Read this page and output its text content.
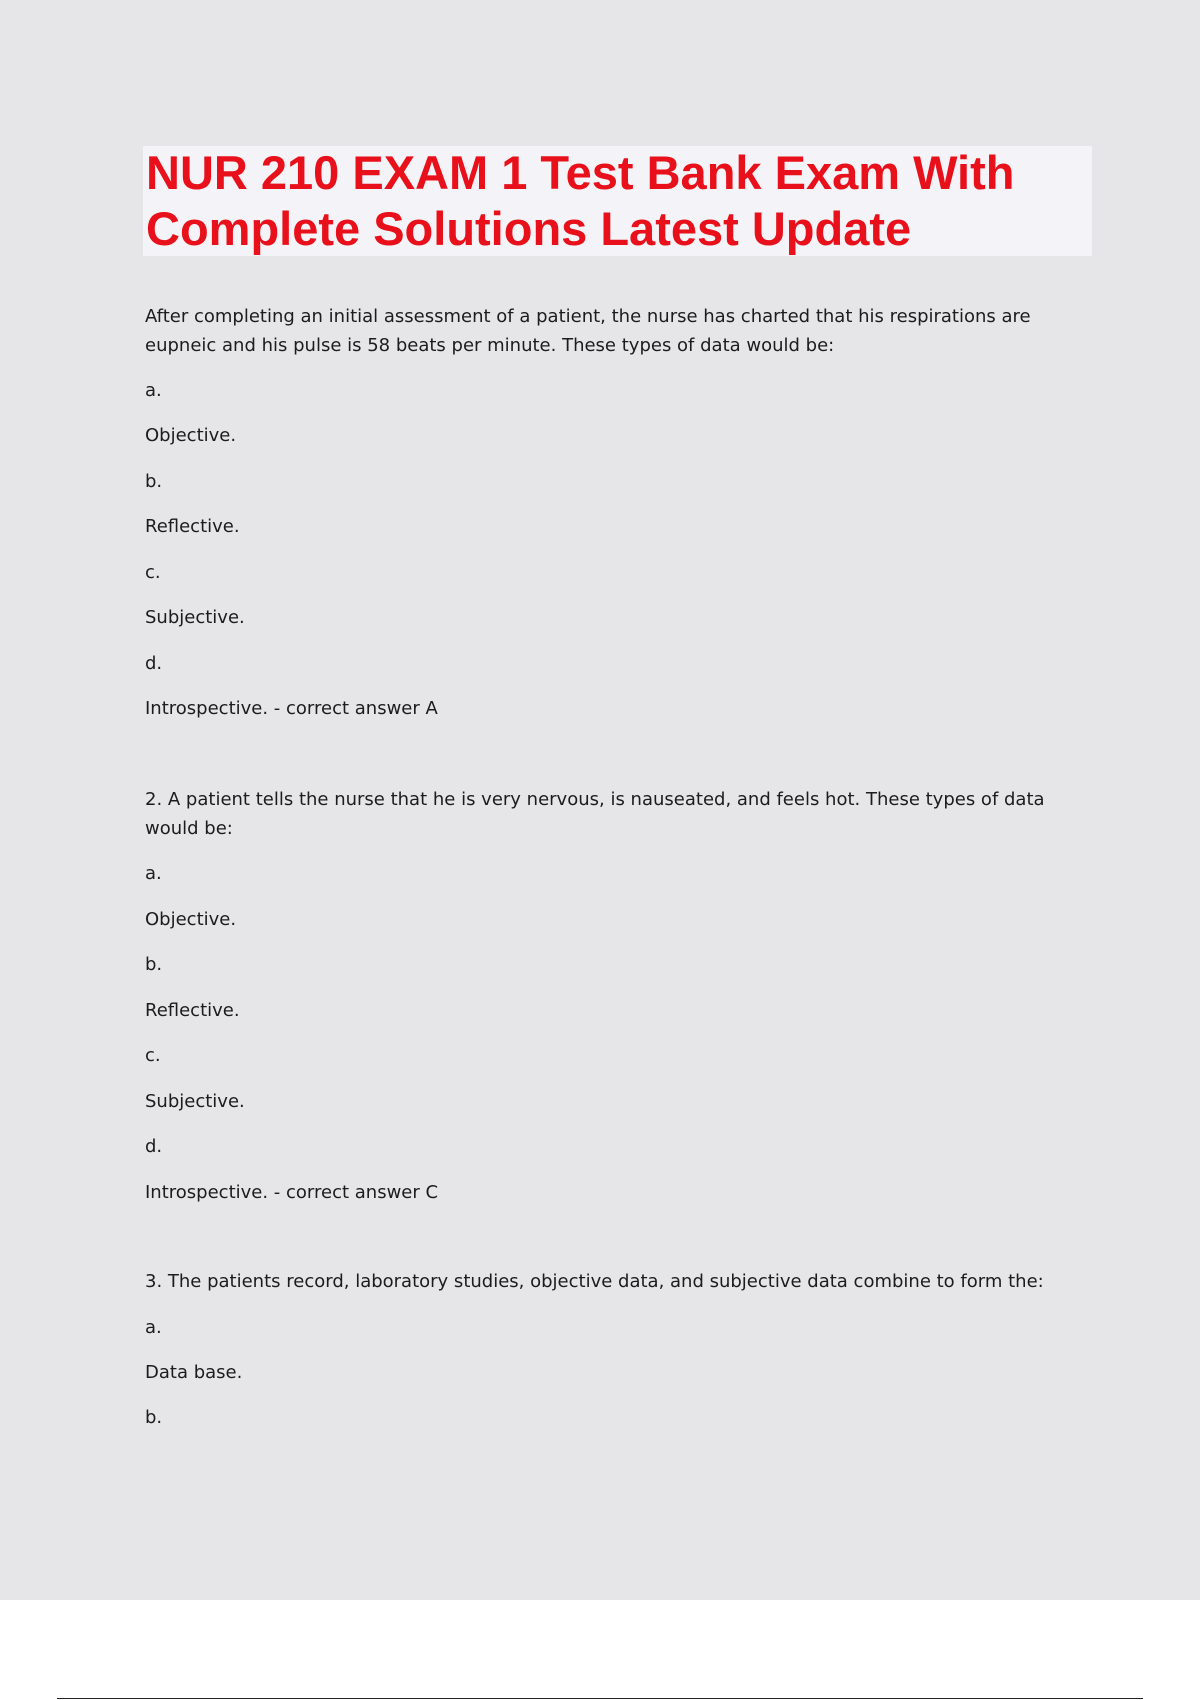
NUR 210 EXAM 1 Test Bank Exam With
Complete Solutions Latest Update
After completing an initial assessment of a patient, the nurse has charted that his respirations are
eupneic and his pulse is 58 beats per minute. These types of data would be:
a.
Objective.
b.
Reflective.
c.
Subjective.
d.
Introspective. - correct answer A
2. A patient tells the nurse that he is very nervous, is nauseated, and feels hot. These types of data
would be:
a.
Objective.
b.
Reflective.
c.
Subjective.
d.
Introspective. - correct answer C
3. The patients record, laboratory studies, objective data, and subjective data combine to form the:
a.
Data base.
b.
